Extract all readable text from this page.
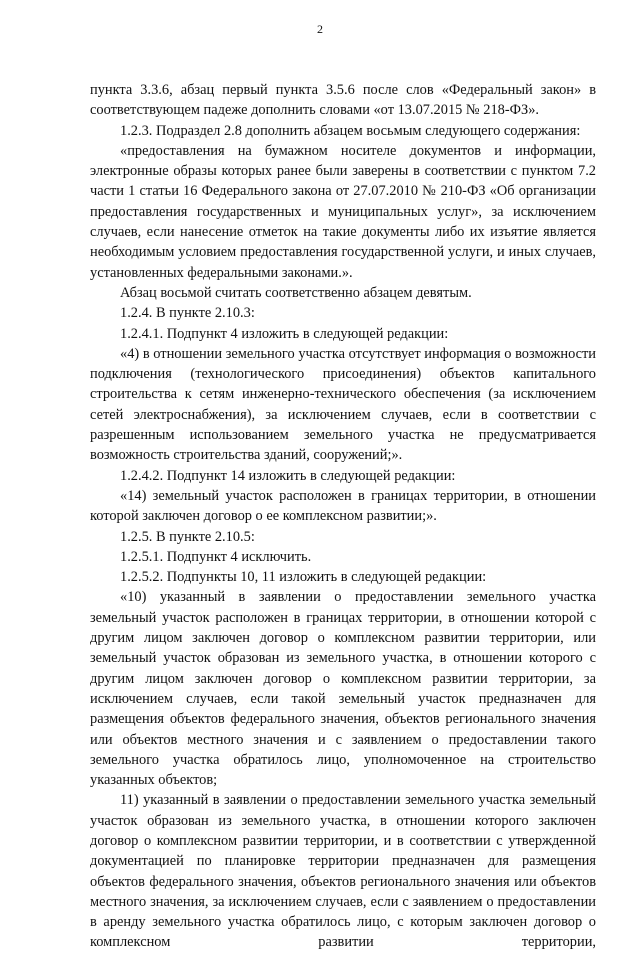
2

пункта 3.3.6, абзац первый пункта 3.5.6 после слов «Федеральный закон» в соответствующем падеже дополнить словами «от 13.07.2015 № 218-ФЗ».

1.2.3. Подраздел 2.8 дополнить абзацем восьмым следующего содержания:

«предоставления на бумажном носителе документов и информации, электронные образы которых ранее были заверены в соответствии с пунктом 7.2 части 1 статьи 16 Федерального закона от 27.07.2010 № 210-ФЗ «Об организации предоставления государственных и муниципальных услуг», за исключением случаев, если нанесение отметок на такие документы либо их изъятие является необходимым условием предоставления государственной услуги, и иных случаев, установленных федеральными законами.».

Абзац восьмой считать соответственно абзацем девятым.

1.2.4. В пункте 2.10.3:

1.2.4.1. Подпункт 4 изложить в следующей редакции:

«4) в отношении земельного участка отсутствует информация о возможности подключения (технологического присоединения) объектов капитального строительства к сетям инженерно-технического обеспечения (за исключением сетей электроснабжения), за исключением случаев, если в соответствии с разрешенным использованием земельного участка не предусматривается возможность строительства зданий, сооружений;».

1.2.4.2. Подпункт 14 изложить в следующей редакции:

«14) земельный участок расположен в границах территории, в отношении которой заключен договор о ее комплексном развитии;».

1.2.5. В пункте 2.10.5:

1.2.5.1. Подпункт 4 исключить.

1.2.5.2. Подпункты 10, 11 изложить в следующей редакции:

«10) указанный в заявлении о предоставлении земельного участка земельный участок расположен в границах территории, в отношении которой с другим лицом заключен договор о комплексном развитии территории, или земельный участок образован из земельного участка, в отношении которого с другим лицом заключен договор о комплексном развитии территории, за исключением случаев, если такой земельный участок предназначен для размещения объектов федерального значения, объектов регионального значения или объектов местного значения и с заявлением о предоставлении такого земельного участка обратилось лицо, уполномоченное на строительство указанных объектов;

11) указанный в заявлении о предоставлении земельного участка земельный участок образован из земельного участка, в отношении которого заключен договор о комплексном развитии территории, и в соответствии с утвержденной документацией по планировке территории предназначен для размещения объектов федерального значения, объектов регионального значения или объектов местного значения, за исключением случаев, если с заявлением о предоставлении в аренду земельного участка обратилось лицо, с которым заключен договор о комплексном развитии территории,
